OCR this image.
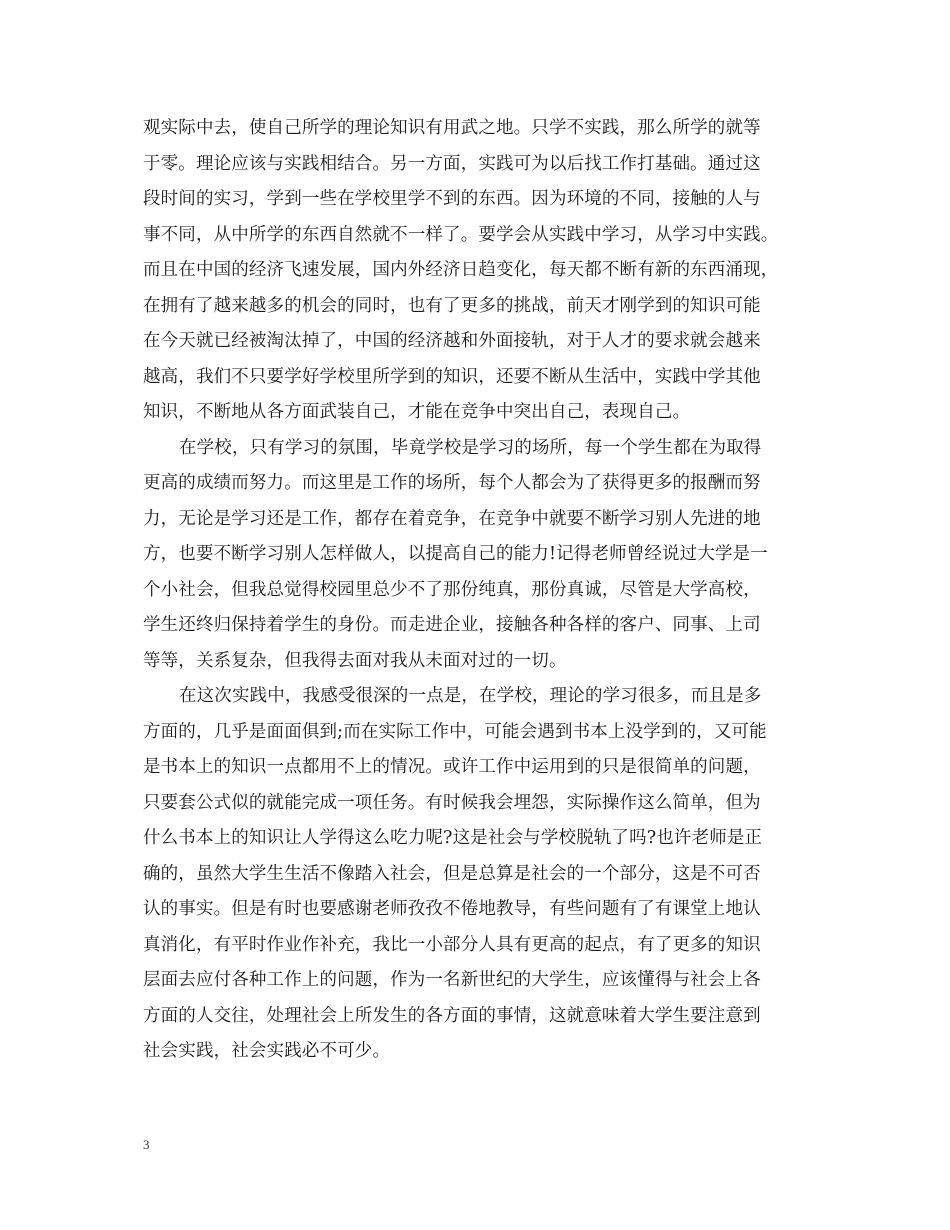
观实际中去，使自己所学的理论知识有用武之地。只学不实践，那么所学的就等
于零。理论应该与实践相结合。另一方面，实践可为以后找工作打基础。通过这
段时间的实习，学到一些在学校里学不到的东西。因为环境的不同，接触的人与
事不同，从中所学的东西自然就不一样了。要学会从实践中学习，从学习中实践。
而且在中国的经济飞速发展，国内外经济日趋变化，每天都不断有新的东西涌现，
在拥有了越来越多的机会的同时，也有了更多的挑战，前天才刚学到的知识可能
在今天就已经被淘汰掉了，中国的经济越和外面接轨，对于人才的要求就会越来
越高，我们不只要学好学校里所学到的知识，还要不断从生活中，实践中学其他
知识，不断地从各方面武装自己，才能在竞争中突出自己，表现自己。
在学校，只有学习的氛围，毕竟学校是学习的场所，每一个学生都在为取得
更高的成绩而努力。而这里是工作的场所，每个人都会为了获得更多的报酬而努
力，无论是学习还是工作，都存在着竞争，在竞争中就要不断学习别人先进的地
方，也要不断学习别人怎样做人，以提高自己的能力!记得老师曾经说过大学是一
个小社会，但我总觉得校园里总少不了那份纯真，那份真诚，尽管是大学高校，
学生还终归保持着学生的身份。而走进企业，接触各种各样的客户、同事、上司
等等，关系复杂，但我得去面对我从未面对过的一切。
在这次实践中，我感受很深的一点是，在学校，理论的学习很多，而且是多
方面的，几乎是面面俱到;而在实际工作中，可能会遇到书本上没学到的，又可能
是书本上的知识一点都用不上的情况。或许工作中运用到的只是很简单的问题，
只要套公式似的就能完成一项任务。有时候我会埋怨，实际操作这么简单，但为
什么书本上的知识让人学得这么吃力呢?这是社会与学校脱轨了吗?也许老师是正
确的，虽然大学生生活不像踏入社会，但是总算是社会的一个部分，这是不可否
认的事实。但是有时也要感谢老师孜孜不倦地教导，有些问题有了有课堂上地认
真消化，有平时作业作补充，我比一小部分人具有更高的起点，有了更多的知识
层面去应付各种工作上的问题，作为一名新世纪的大学生，应该懂得与社会上各
方面的人交往，处理社会上所发生的各方面的事情，这就意味着大学生要注意到
社会实践，社会实践必不可少。
3
